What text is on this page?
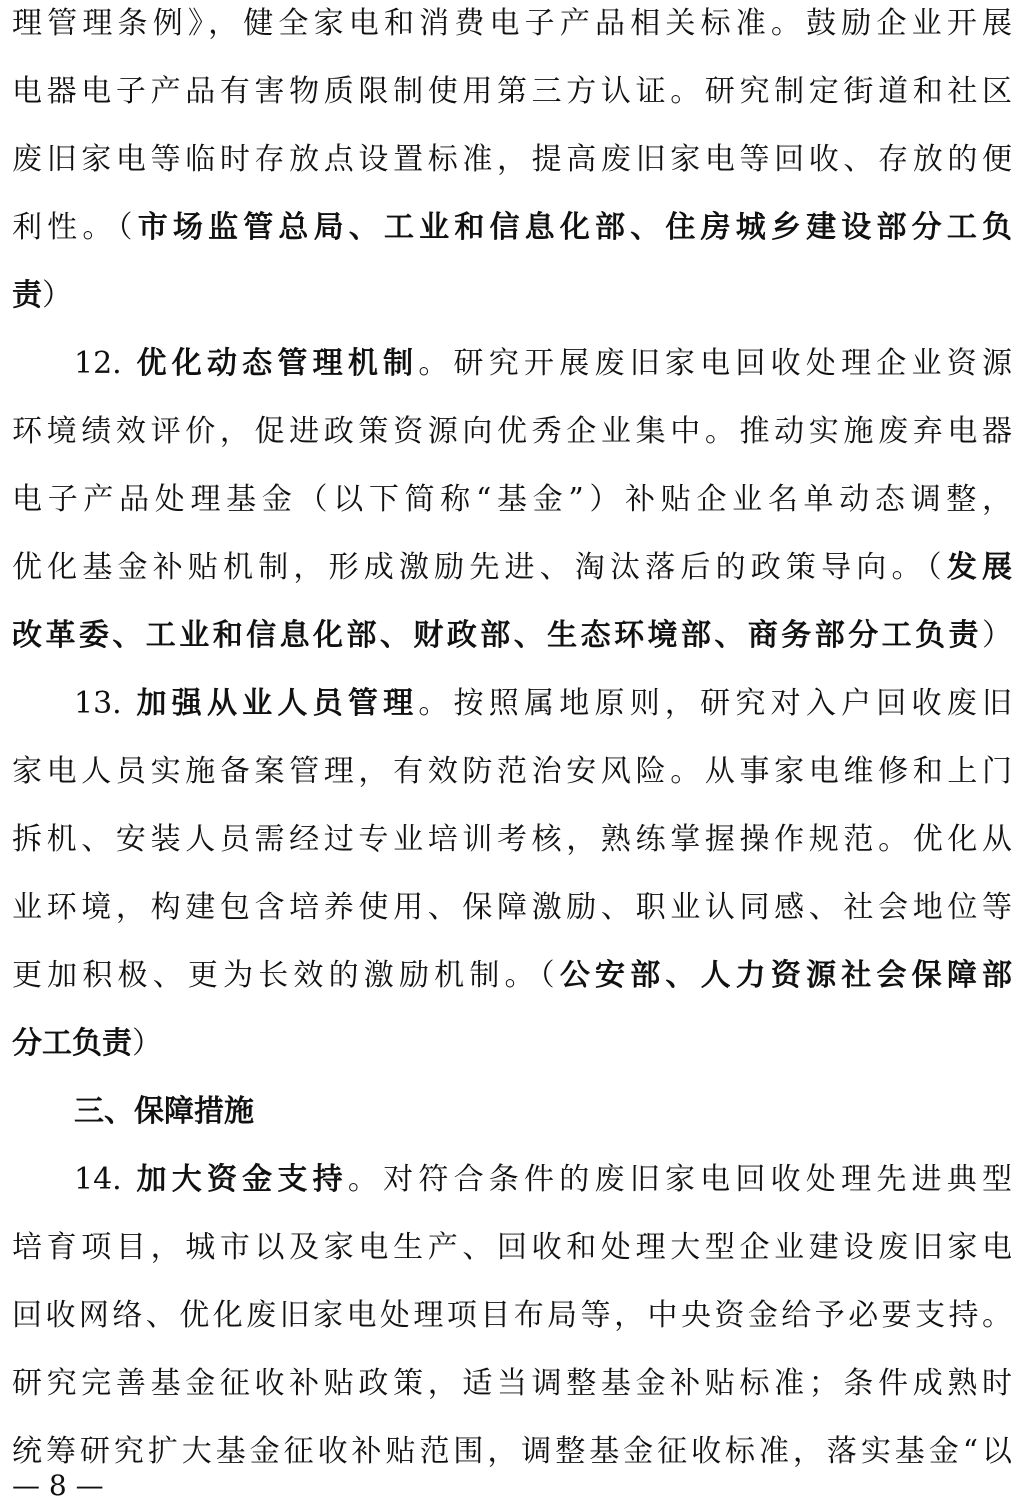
理管理条例》，健全家电和消费电子产品相关标准。鼓励企业开展
电器电子产品有害物质限制使用第三方认证。研究制定街道和社区
废旧家电等临时存放点设置标准，提高废旧家电等回收、存放的便
利性。（市场监管总局、工业和信息化部、住房城乡建设部分工负
责）
12. 优化动态管理机制。研究开展废旧家电回收处理企业资源
环境绩效评价，促进政策资源向优秀企业集中。推动实施废弃电器
电子产品处理基金（以下简称“基金”）补贴企业名单动态调整，
优化基金补贴机制，形成激励先进、淘汰落后的政策导向。（发展
改革委、工业和信息化部、财政部、生态环境部、商务部分工负责）
13. 加强从业人员管理。按照属地原则，研究对入户回收废旧
家电人员实施备案管理，有效防范治安风险。从事家电维修和上门
拆机、安装人员需经过专业培训考核，熟练掌握操作规范。优化从
业环境，构建包含培养使用、保障激励、职业认同感、社会地位等
更加积极、更为长效的激励机制。（公安部、人力资源社会保障部
分工负责）
三、保障措施
14. 加大资金支持。对符合条件的废旧家电回收处理先进典型
培育项目，城市以及家电生产、回收和处理大型企业建设废旧家电
回收网络、优化废旧家电处理项目布局等，中央资金给予必要支持。
研究完善基金征收补贴政策，适当调整基金补贴标准；条件成熟时
统筹研究扩大基金征收补贴范围，调整基金征收标准，落实基金“以
— 8 —
